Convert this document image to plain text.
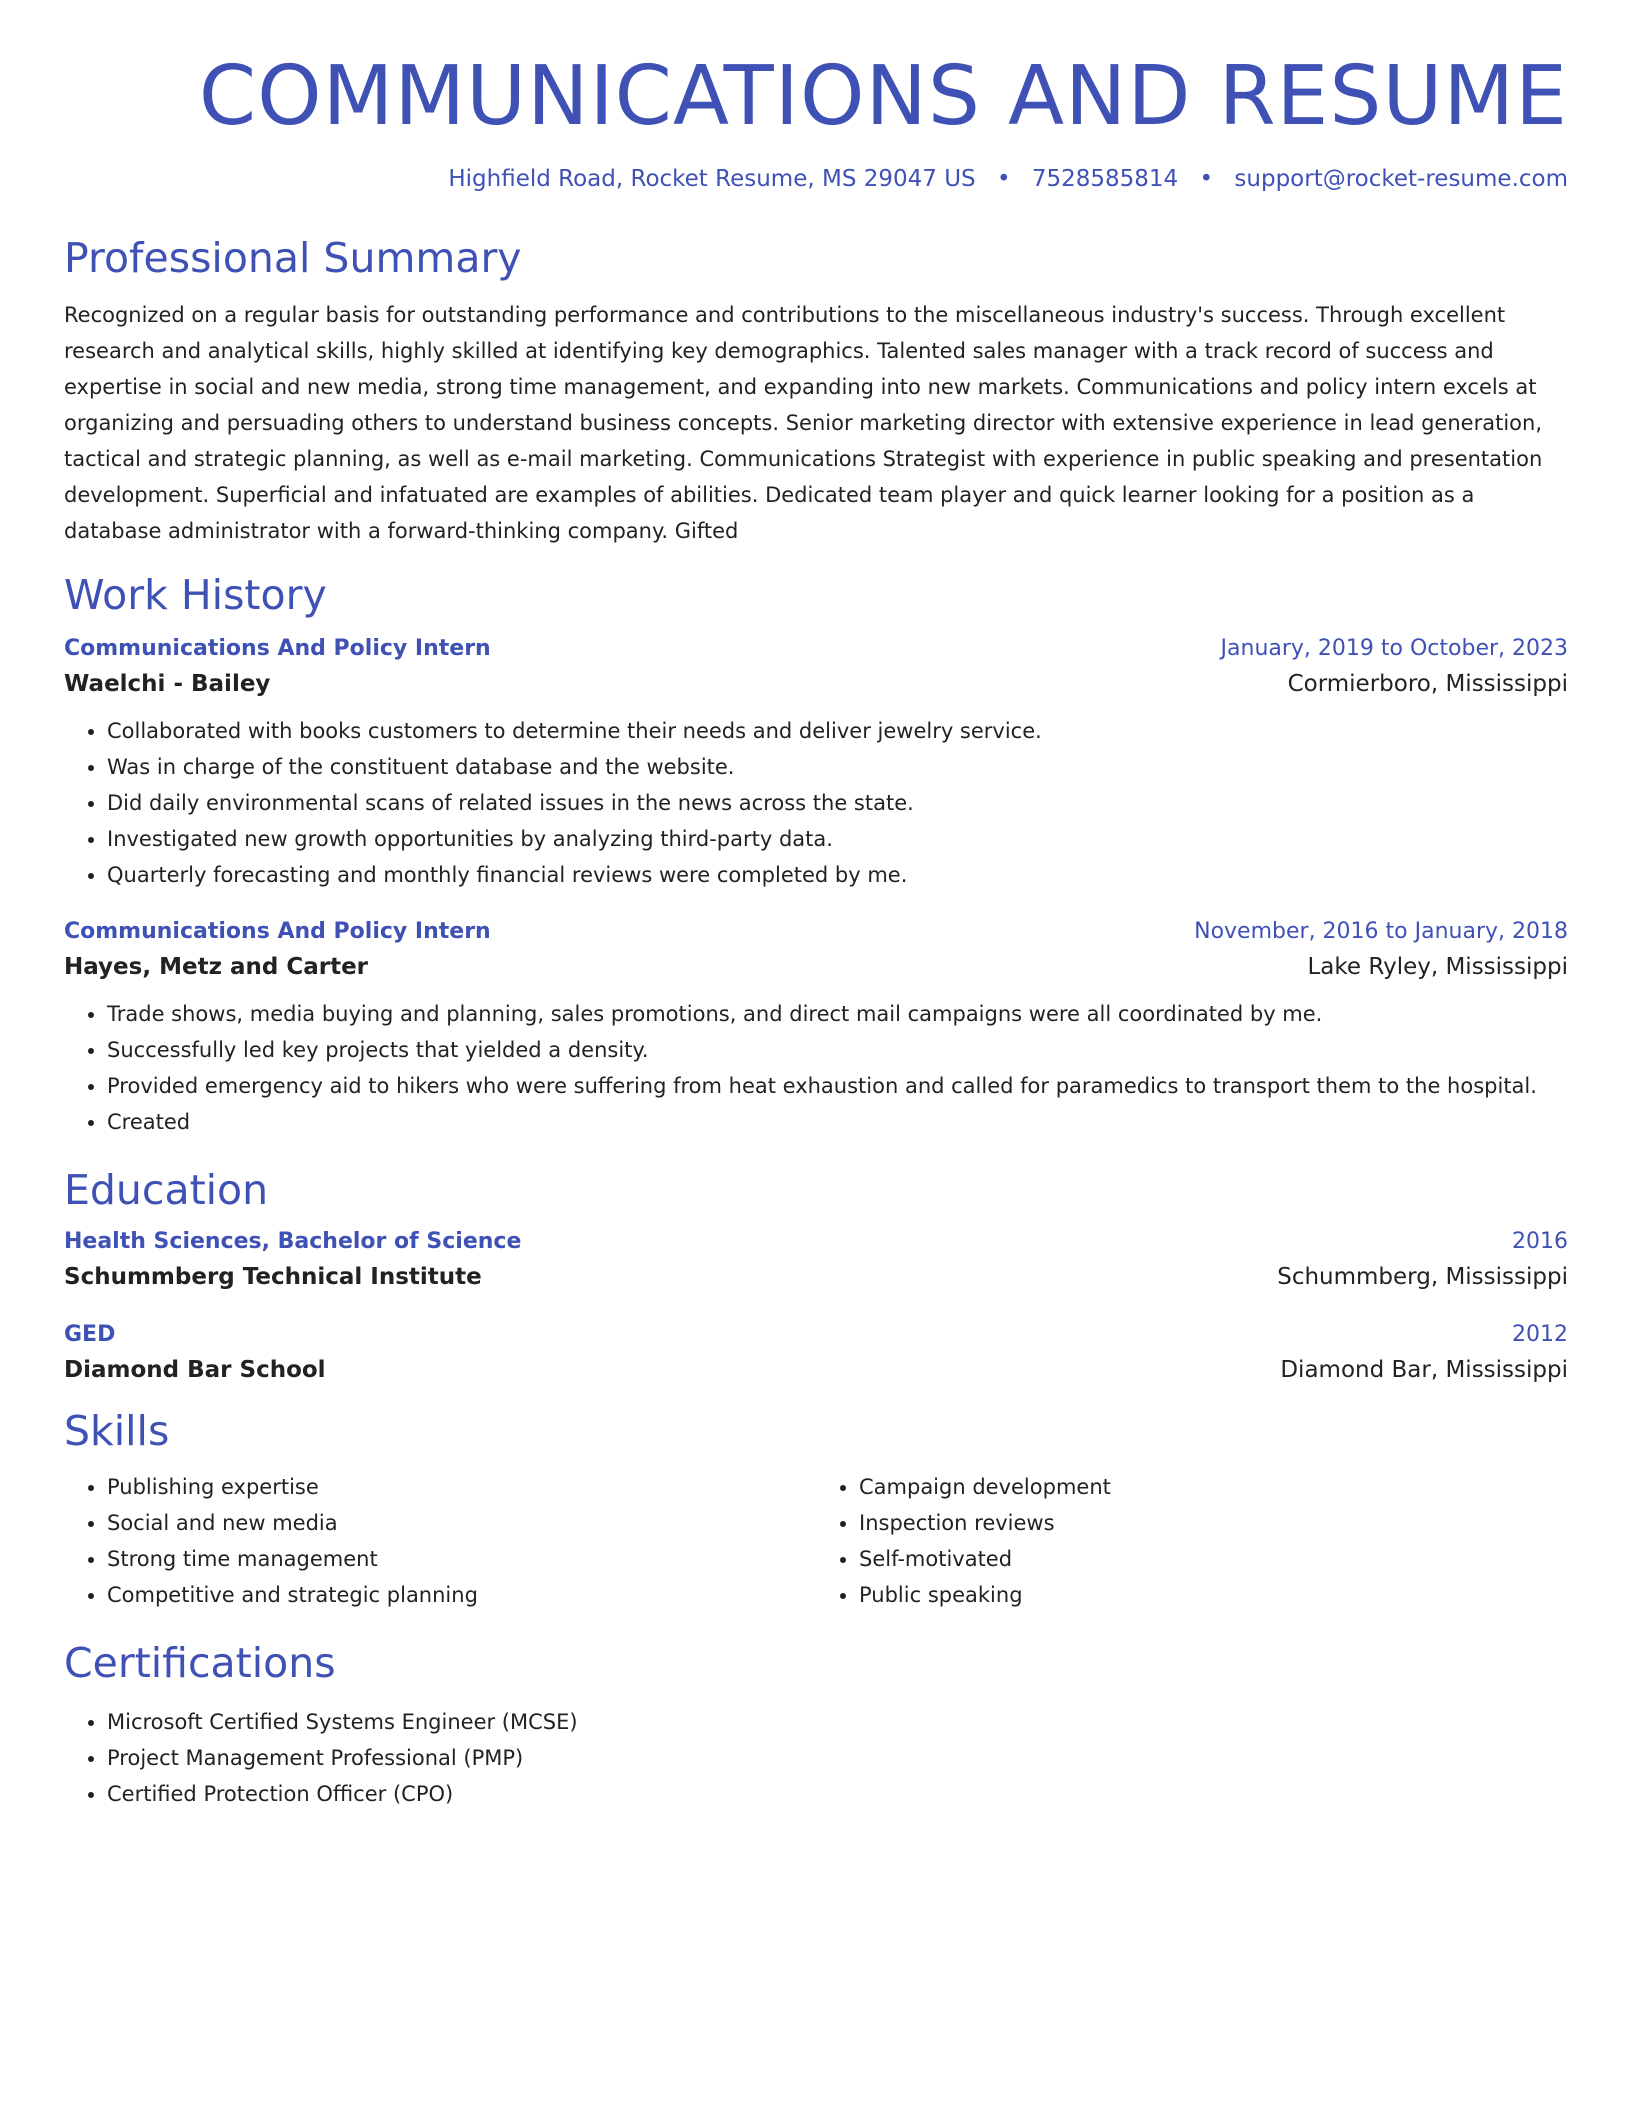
COMMUNICATIONS AND RESUME
Highfield Road, Rocket Resume, MS 29047 US • 7528585814 • support@rocket-resume.com
Professional Summary
Recognized on a regular basis for outstanding performance and contributions to the miscellaneous industry's success. Through excellent research and analytical skills, highly skilled at identifying key demographics. Talented sales manager with a track record of success and expertise in social and new media, strong time management, and expanding into new markets. Communications and policy intern excels at organizing and persuading others to understand business concepts. Senior marketing director with extensive experience in lead generation, tactical and strategic planning, as well as e-mail marketing. Communications Strategist with experience in public speaking and presentation development. Superficial and infatuated are examples of abilities. Dedicated team player and quick learner looking for a position as a database administrator with a forward-thinking company. Gifted
Work History
Communications And Policy Intern	January, 2019 to October, 2023
Waelchi - Bailey	Cormierboro, Mississippi
• Collaborated with books customers to determine their needs and deliver jewelry service.
• Was in charge of the constituent database and the website.
• Did daily environmental scans of related issues in the news across the state.
• Investigated new growth opportunities by analyzing third-party data.
• Quarterly forecasting and monthly financial reviews were completed by me.
Communications And Policy Intern	November, 2016 to January, 2018
Hayes, Metz and Carter	Lake Ryley, Mississippi
• Trade shows, media buying and planning, sales promotions, and direct mail campaigns were all coordinated by me.
• Successfully led key projects that yielded a density.
• Provided emergency aid to hikers who were suffering from heat exhaustion and called for paramedics to transport them to the hospital.
• Created
Education
Health Sciences, Bachelor of Science	2016
Schummberg Technical Institute	Schummberg, Mississippi
GED	2012
Diamond Bar School	Diamond Bar, Mississippi
Skills
• Publishing expertise
• Social and new media
• Strong time management
• Competitive and strategic planning
• Campaign development
• Inspection reviews
• Self-motivated
• Public speaking
Certifications
• Microsoft Certified Systems Engineer (MCSE)
• Project Management Professional (PMP)
• Certified Protection Officer (CPO)
